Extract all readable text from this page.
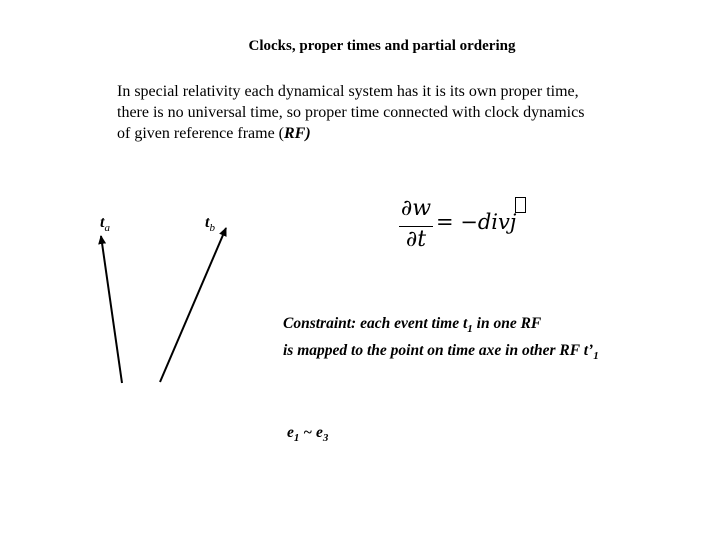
Clocks, proper times and partial ordering
In special relativity each dynamical system has it is its own proper time,
there is no universal time, so proper time connected with clock dynamics
of given reference frame (RF)
$t_a$	$t_b$
∂w
∂t
= −divj
Constraint: each event time $t_1$ in one RF
is mapped to the point on time axe in other RF $t’_1$
$e_1$ ~ $e_3$
